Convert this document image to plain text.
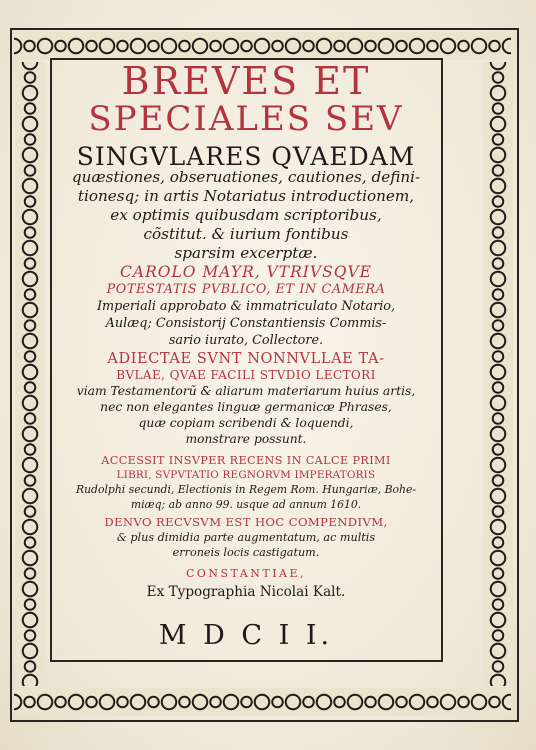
BREVES ET

SPECIALES SEV

SINGVLARES QVAEDAM

quæstiones, obseruationes, cautiones, defini-

tionesq; in artis Notariatus introductionem,

ex optimis quibusdam scriptoribus,

cõstitut. & iurium fontibus

sparsim excerptæ.

CAROLO MAYR, VTRIVSQVE

POTESTATIS PVBLICO, ET IN CAMERA

Imperiali approbato & immatriculato Notario,

Aulæq; Consistorij Constantiensis Commis-

sario iurato, Collectore.

ADIECTAE SVNT NONNVLLAE TA-

BVLAE, QVAE FACILI STVDIO LECTORI

viam Testamentorũ & aliarum materiarum huius artis,

nec non elegantes linguæ germanicæ Phrases,

quæ copiam scribendi & loquendi,

monstrare possunt.

ACCESSIT INSVPER RECENS IN CALCE PRIMI

LIBRI, SVPVTATIO REGNORVM IMPERATORIS

Rudolphi secundi, Electionis in Regem Rom. Hungariæ, Bohe-

miæq; ab anno 99. usque ad annum 1610.

DENVO RECVSVM EST HOC COMPENDIVM,

& plus dimidia parte augmentatum, ac multis

erroneis locis castigatum.

CONSTANTIAE,

Ex Typographia Nicolai Kalt.

M D C I I.
